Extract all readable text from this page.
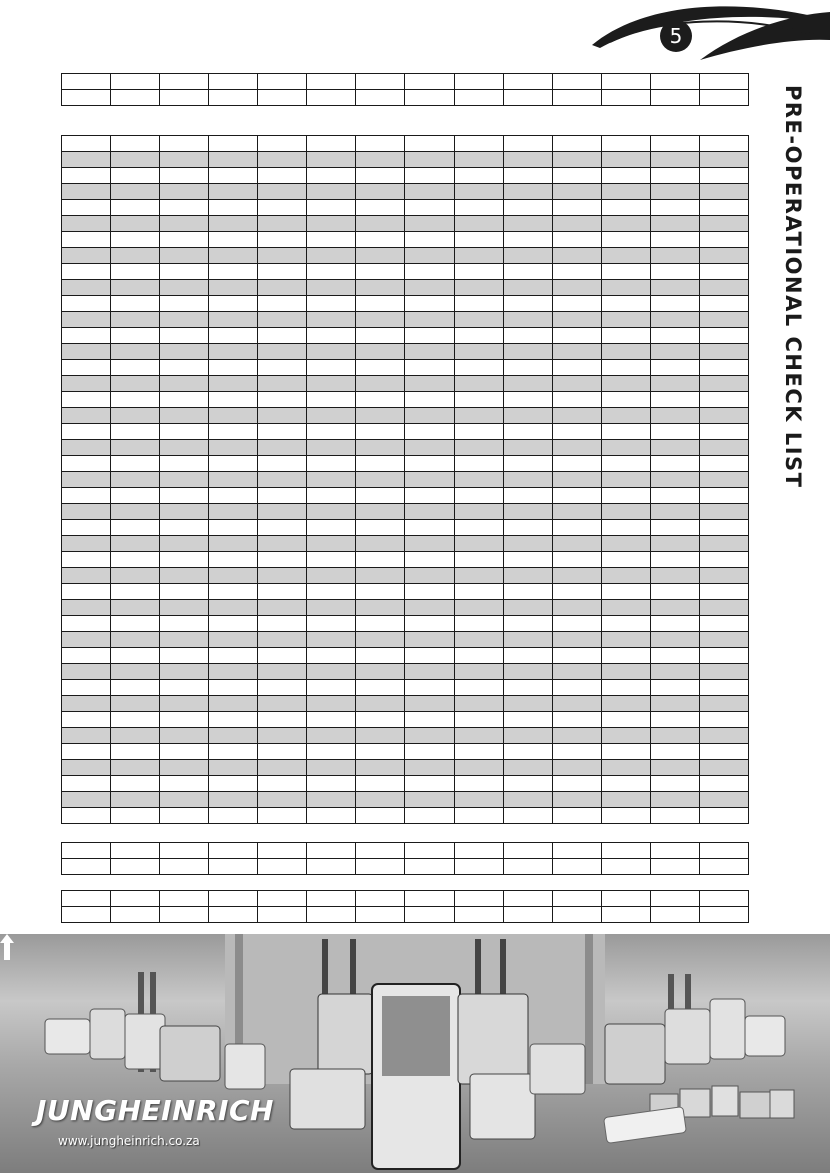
5
PRE-OPERATIONAL CHECK LIST

JUNGHEINRICH
www.jungheinrich.co.za
